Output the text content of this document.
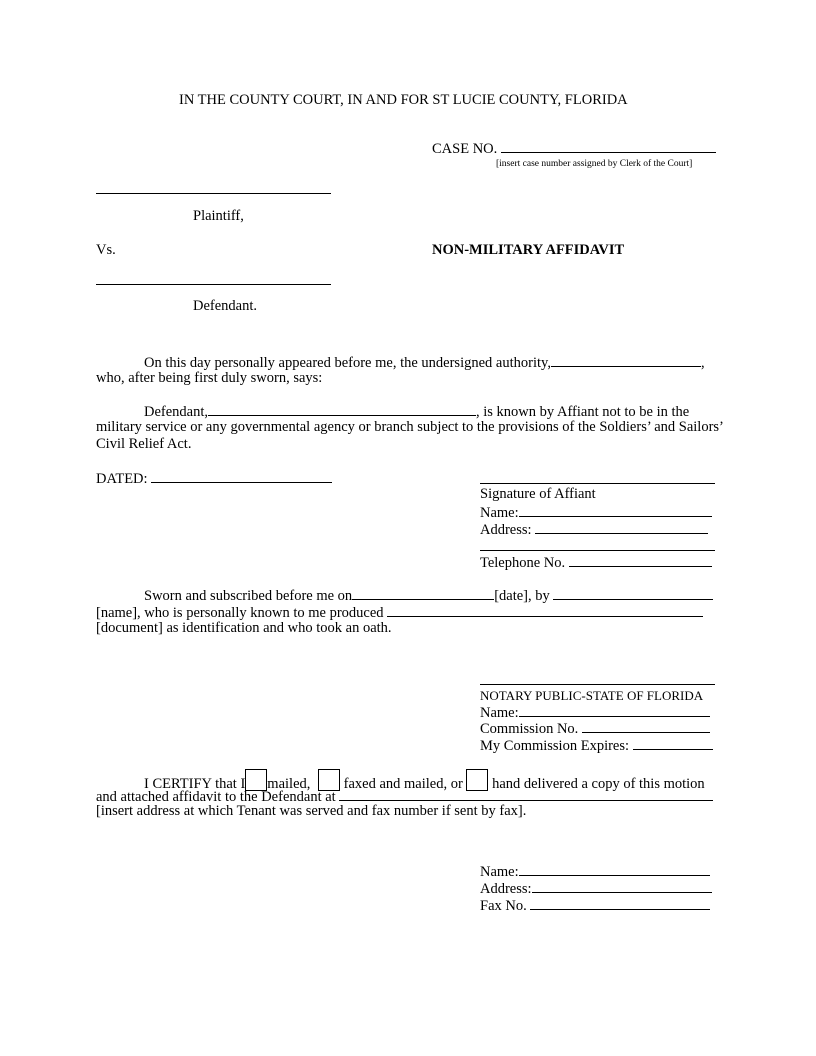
IN THE COUNTY COURT, IN AND FOR ST LUCIE COUNTY, FLORIDA
CASE NO.
[insert case number assigned by Clerk of the Court]
Plaintiff,
Vs.	NON-MILITARY AFFIDAVIT
Defendant.
On this day personally appeared before me, the undersigned authority,	,
who, after being first duly sworn, says:
Defendant,	, is known by Affiant not to be in the
military service or any governmental agency or branch subject to the provisions of the Soldiers’ and Sailors’
Civil Relief Act.
DATED:
Signature of Affiant
Name:
Address:
Telephone No.
Sworn and subscribed before me on	[date], by
[name], who is personally known to me produced
[document] as identification and who took an oath.
NOTARY PUBLIC-STATE OF FLORIDA
Name:
Commission No.
My Commission Expires:
I CERTIFY that I mailed, faxed and mailed, or hand delivered a copy of this motion
and attached affidavit to the Defendant at
[insert address at which Tenant was served and fax number if sent by fax].
Name:
Address:
Fax No.
